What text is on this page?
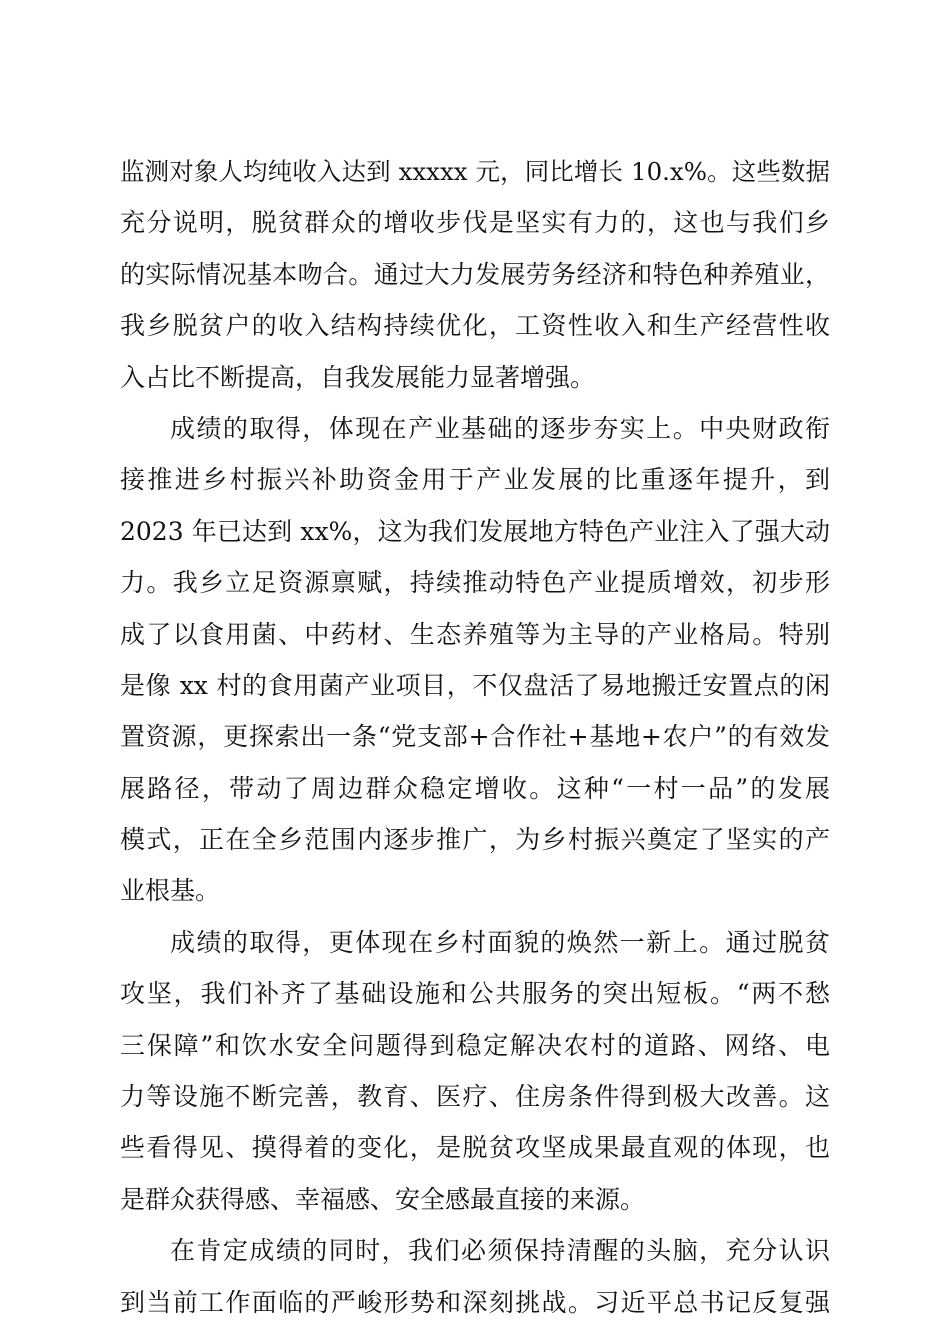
监测对象人均纯收入达到 xxxxx 元，同比增长 10.x%。这些数据
充分说明，脱贫群众的增收步伐是坚实有力的，这也与我们乡
的实际情况基本吻合。通过大力发展劳务经济和特色种养殖业，
我乡脱贫户的收入结构持续优化，工资性收入和生产经营性收
入占比不断提高，自我发展能力显著增强。
成绩的取得，体现在产业基础的逐步夯实上。中央财政衔
接推进乡村振兴补助资金用于产业发展的比重逐年提升，到
2023 年已达到 xx%，这为我们发展地方特色产业注入了强大动
力。我乡立足资源禀赋，持续推动特色产业提质增效，初步形
成了以食用菌、中药材、生态养殖等为主导的产业格局。特别
是像 xx 村的食用菌产业项目，不仅盘活了易地搬迁安置点的闲
置资源，更探索出一条“党支部+合作社+基地+农户”的有效发
展路径，带动了周边群众稳定增收。这种“一村一品”的发展
模式，正在全乡范围内逐步推广，为乡村振兴奠定了坚实的产
业根基。
成绩的取得，更体现在乡村面貌的焕然一新上。通过脱贫
攻坚，我们补齐了基础设施和公共服务的突出短板。“两不愁
三保障”和饮水安全问题得到稳定解决农村的道路、网络、电
力等设施不断完善，教育、医疗、住房条件得到极大改善。这
些看得见、摸得着的变化，是脱贫攻坚成果最直观的体现，也
是群众获得感、幸福感、安全感最直接的来源。
在肯定成绩的同时，我们必须保持清醒的头脑，充分认识
到当前工作面临的严峻形势和深刻挑战。习近平总书记反复强
